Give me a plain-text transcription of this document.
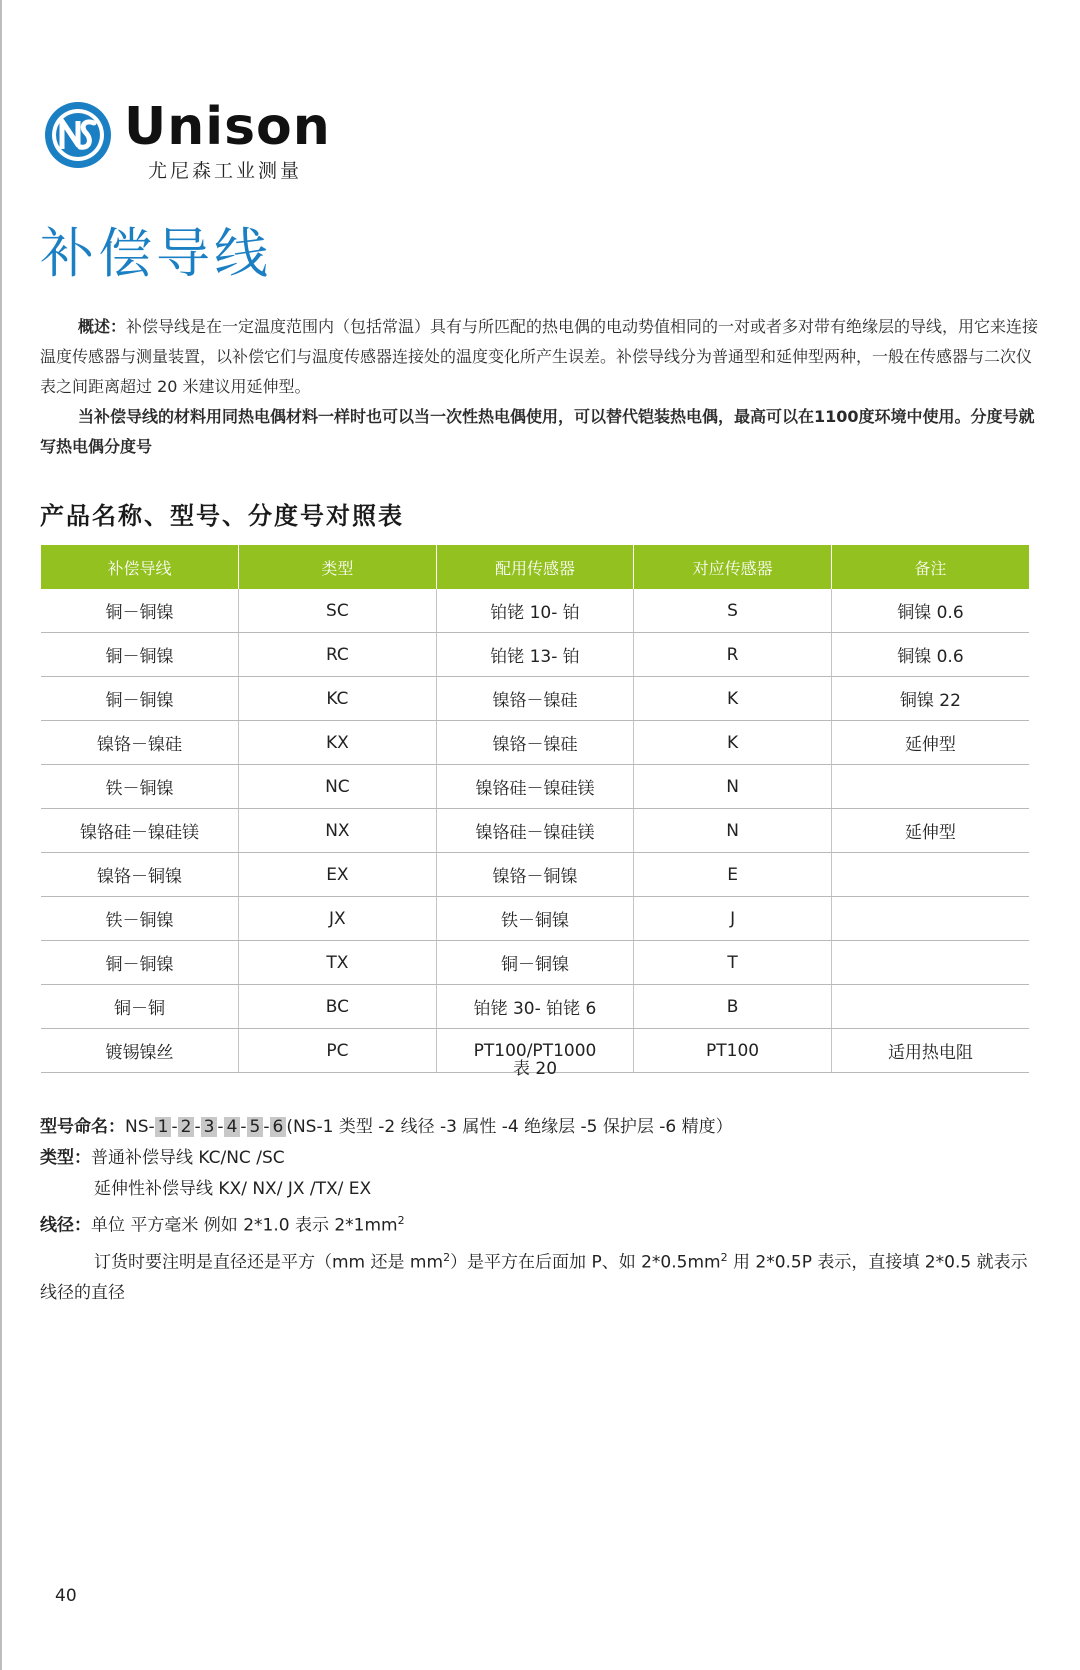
Unison
尤尼森工业测量
补偿导线

概述：补偿导线是在一定温度范围内（包括常温）具有与所匹配的热电偶的电动势值相同的一对或者多对带有绝缘层的导线，用它来连接温度传感器与测量装置，以补偿它们与温度传感器连接处的温度变化所产生误差。补偿导线分为普通型和延伸型两种，一般在传感器与二次仪表之间距离超过 20 米建议用延伸型。

当补偿导线的材料用同热电偶材料一样时也可以当一次性热电偶使用，可以替代铠装热电偶，最高可以在1100度环境中使用。分度号就写热电偶分度号

产品名称、型号、分度号对照表
补偿导线	类型	配用传感器	对应传感器	备注
铜－铜镍	SC	铂铑 10- 铂	S	铜镍 0.6
铜－铜镍	RC	铂铑 13- 铂	R	铜镍 0.6
铜－铜镍	KC	镍铬－镍硅	K	铜镍 22
镍铬－镍硅	KX	镍铬－镍硅	K	延伸型
铁－铜镍	NC	镍铬硅－镍硅镁	N	
镍铬硅－镍硅镁	NX	镍铬硅－镍硅镁	N	延伸型
镍铬－铜镍	EX	镍铬－铜镍	E	
铁－铜镍	JX	铁－铜镍	J	
铜－铜镍	TX	铜－铜镍	T	
铜－铜	BC	铂铑 30- 铂铑 6	B	
镀锡镍丝	PC	PT100/PT1000	PT100	适用热电阻
表 20
型号命名：NS- 1 - 2 - 3 - 4 - 5 - 6 (NS-1 类型 -2 线径 -3 属性 -4 绝缘层 -5 保护层 -6 精度）
类型：普通补偿导线 KC/NC /SC
延伸性补偿导线 KX/ NX/ JX /TX/ EX
线径：单位 平方毫米 例如 2*1.0 表示 $2*1mm^2$
订货时要注明是直径还是平方（mm 还是 $mm^2$）是平方在后面加 P、如 $2*0.5mm^2$ 用 2*0.5P 表示，直接填 2*0.5 就表示线径的直径
40
